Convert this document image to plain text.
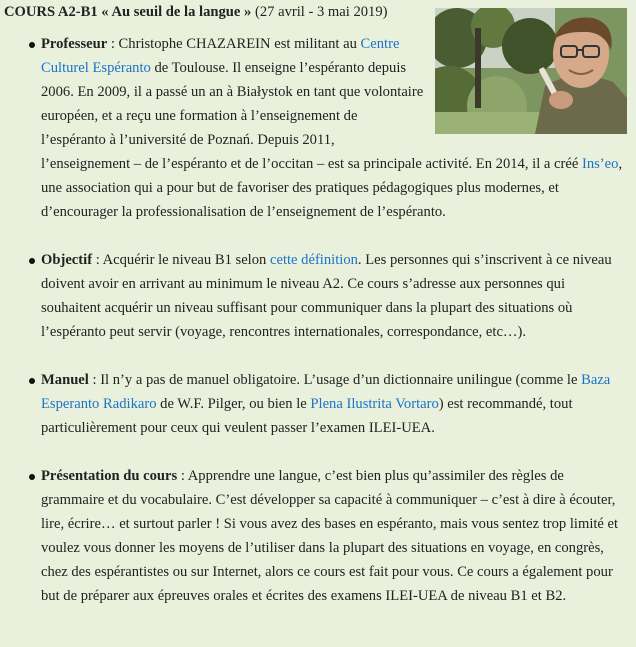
COURS A2-B1 « Au seuil de la langue » (27 avril - 3 mai 2019)

Professeur : Christophe CHAZAREIN est militant au Centre Culturel Espéranto de Toulouse. Il enseigne l’espéranto depuis 2006. En 2009, il a passé un an à Białystok en tant que volontaire européen, et a reçu une formation à l’enseignement de l’espéranto à l’université de Poznań. Depuis 2011, l’enseignement – de l’espéranto et de l’occitan – est sa principale activité. En 2014, il a créé Ins’eo, une association qui a pour but de favoriser des pratiques pédagogiques plus modernes, et d’encourager la professionalisation de l’enseignement de l’espéranto.
Objectif : Acquérir le niveau B1 selon cette définition. Les personnes qui s’inscrivent à ce niveau doivent avoir en arrivant au minimum le niveau A2. Ce cours s’adresse aux personnes qui souhaitent acquérir un niveau suffisant pour communiquer dans la plupart des situations où l’espéranto peut servir (voyage, rencontres internationales, correspondance, etc…).
Manuel : Il n’y a pas de manuel obligatoire. L’usage d’un dictionnaire unilingue (comme le Baza Esperanto Radikaro de W.F. Pilger, ou bien le Plena Ilustrita Vortaro) est recommandé, tout particulièrement pour ceux qui veulent passer l’examen ILEI-UEA.
Présentation du cours : Apprendre une langue, c’est bien plus qu’assimiler des règles de grammaire et du vocabulaire. C’est développer sa capacité à communiquer – c’est à dire à écouter, lire, écrire… et surtout parler ! Si vous avez des bases en espéranto, mais vous sentez trop limité et voulez vous donner les moyens de l’utiliser dans la plupart des situations en voyage, en congrès, chez des espérantistes ou sur Internet, alors ce cours est fait pour vous. Ce cours a également pour but de préparer aux épreuves orales et écrites des examens ILEI-UEA de niveau B1 et B2.
